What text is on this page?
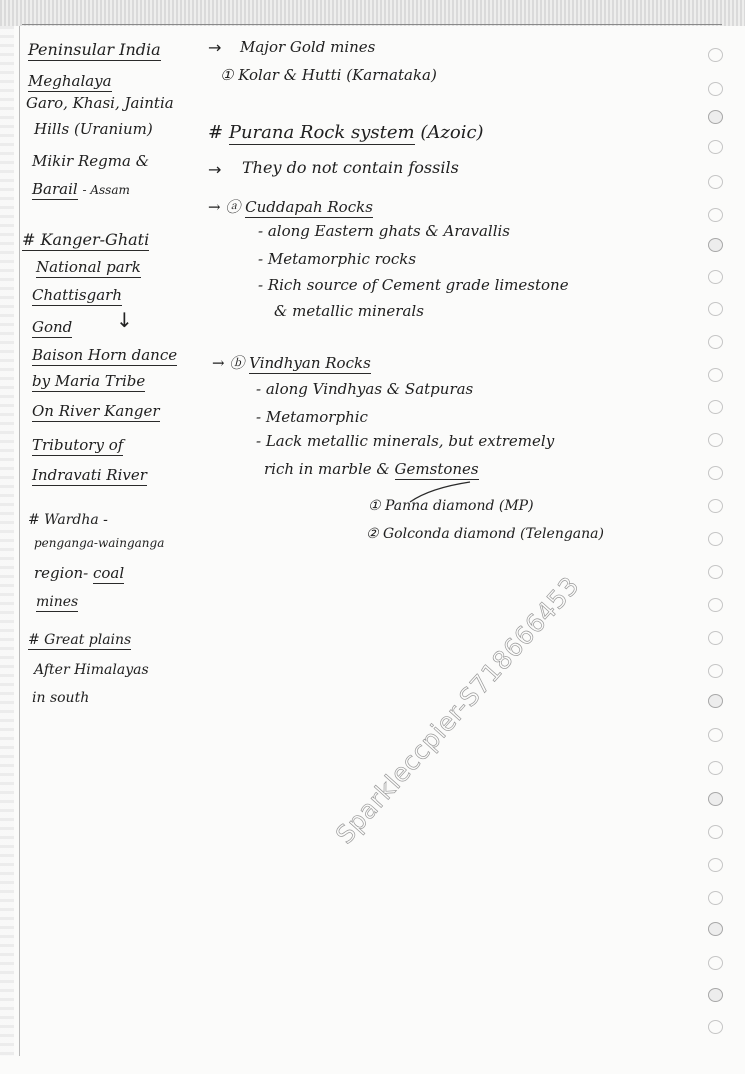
Peninsular India
Meghalaya
Garo, Khasi, Jaintia
Hills (Uranium)
Mikir Regma &
Barail - Assam
# Kanger-Ghati
National park
Chattisgarh
Gond ↓
Baison Horn dance
by Maria Tribe
On River Kanger
Tributory of
Indravati River
# Wardha -
penganga-wainganga
region- coal
mines
# Great plains
After Himalayas
in south
→ Major Gold mines
① Kolar & Hutti (Karnataka)
# Purana Rock system (Azoic)
→ They do not contain fossils
→ ⓐ Cuddapah Rocks
- along Eastern ghats & Aravallis
- Metamorphic rocks
- Rich source of Cement grade limestone
& metallic minerals
→ ⓑ Vindhyan Rocks
- along Vindhyas & Satpuras
- Metamorphic
- Lack metallic minerals, but extremely
rich in marble & Gemstones
① Panna diamond (MP)
② Golconda diamond (Telengana)
Sparkleccpier-S718666453
